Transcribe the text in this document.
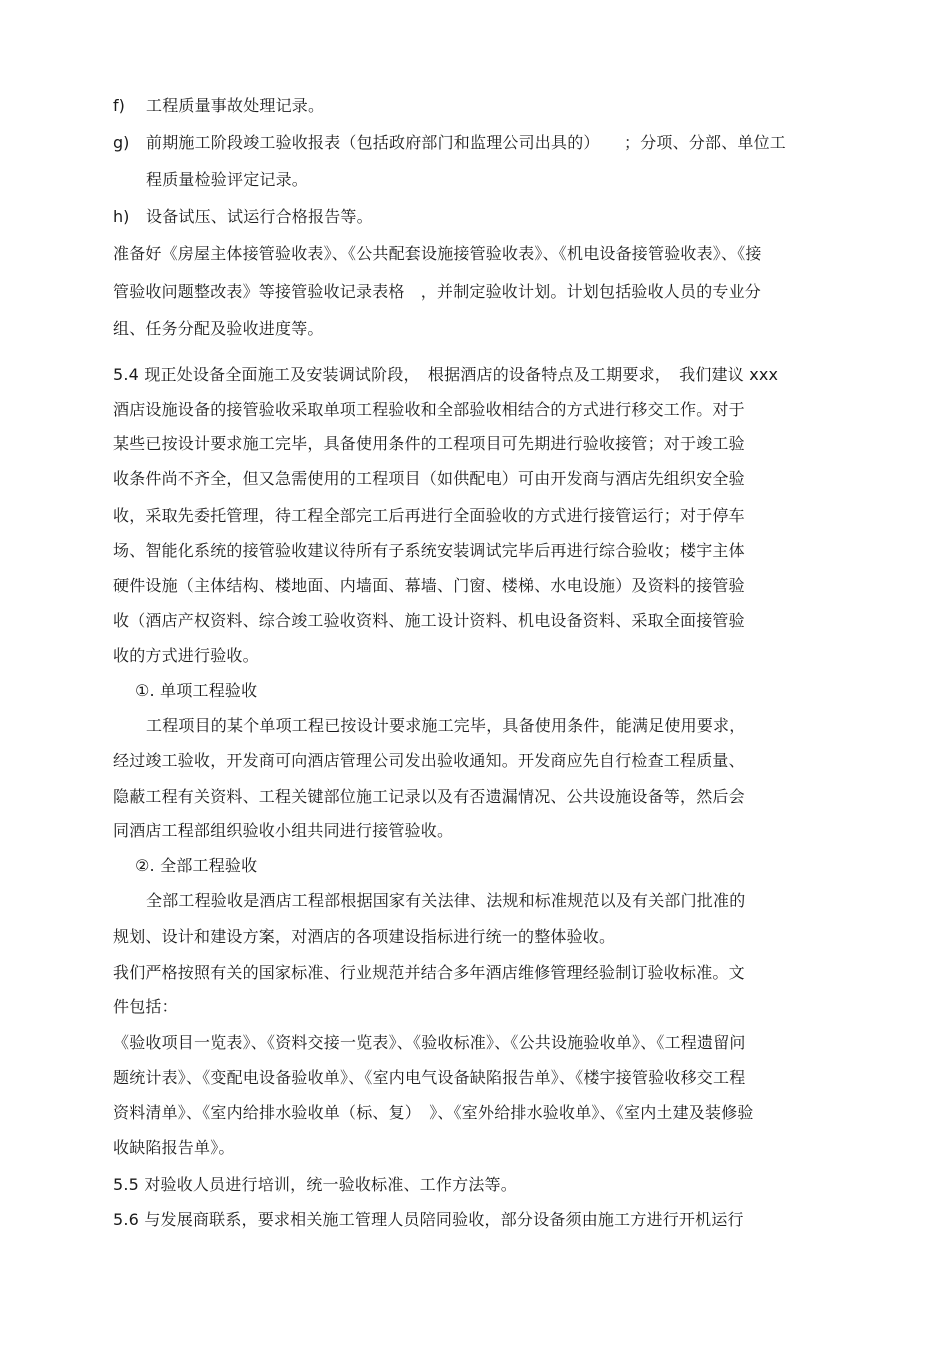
f) 工程质量事故处理记录。
g) 前期施工阶段竣工验收报表（包括政府部门和监理公司出具的）　　；分项、分部、单位工
程质量检验评定记录。
h) 设备试压、试运行合格报告等。
准备好《房屋主体接管验收表》、《公共配套设施接管验收表》、《机电设备接管验收表》、《接
管验收问题整改表》等接管验收记录表格　，并制定验收计划。计划包括验收人员的专业分
组、任务分配及验收进度等。
5.4 现正处设备全面施工及安装调试阶段，　根据酒店的设备特点及工期要求，　我们建议 xxx
酒店设施设备的接管验收采取单项工程验收和全部验收相结合的方式进行移交工作。对于
某些已按设计要求施工完毕，具备使用条件的工程项目可先期进行验收接管；对于竣工验
收条件尚不齐全，但又急需使用的工程项目（如供配电）可由开发商与酒店先组织安全验
收，采取先委托管理，待工程全部完工后再进行全面验收的方式进行接管运行；对于停车
场、智能化系统的接管验收建议待所有子系统安装调试完毕后再进行综合验收；楼宇主体
硬件设施（主体结构、楼地面、内墙面、幕墙、门窗、楼梯、水电设施）及资料的接管验
收（酒店产权资料、综合竣工验收资料、施工设计资料、机电设备资料、采取全面接管验
收的方式进行验收。
①. 单项工程验收
工程项目的某个单项工程已按设计要求施工完毕，具备使用条件，能满足使用要求，
经过竣工验收，开发商可向酒店管理公司发出验收通知。开发商应先自行检查工程质量、
隐蔽工程有关资料、工程关键部位施工记录以及有否遗漏情况、公共设施设备等，然后会
同酒店工程部组织验收小组共同进行接管验收。
②. 全部工程验收
全部工程验收是酒店工程部根据国家有关法律、法规和标准规范以及有关部门批准的
规划、设计和建设方案，对酒店的各项建设指标进行统一的整体验收。
我们严格按照有关的国家标准、行业规范并结合多年酒店维修管理经验制订验收标准。文
件包括：
《验收项目一览表》、《资料交接一览表》、《验收标准》、《公共设施验收单》、《工程遗留问
题统计表》、《变配电设备验收单》、《室内电气设备缺陷报告单》、《楼宇接管验收移交工程
资料清单》、《室内给排水验收单（标、复）　》、《室外给排水验收单》、《室内土建及装修验
收缺陷报告单》。
5.5 对验收人员进行培训，统一验收标准、工作方法等。
5.6 与发展商联系，要求相关施工管理人员陪同验收，部分设备须由施工方进行开机运行
